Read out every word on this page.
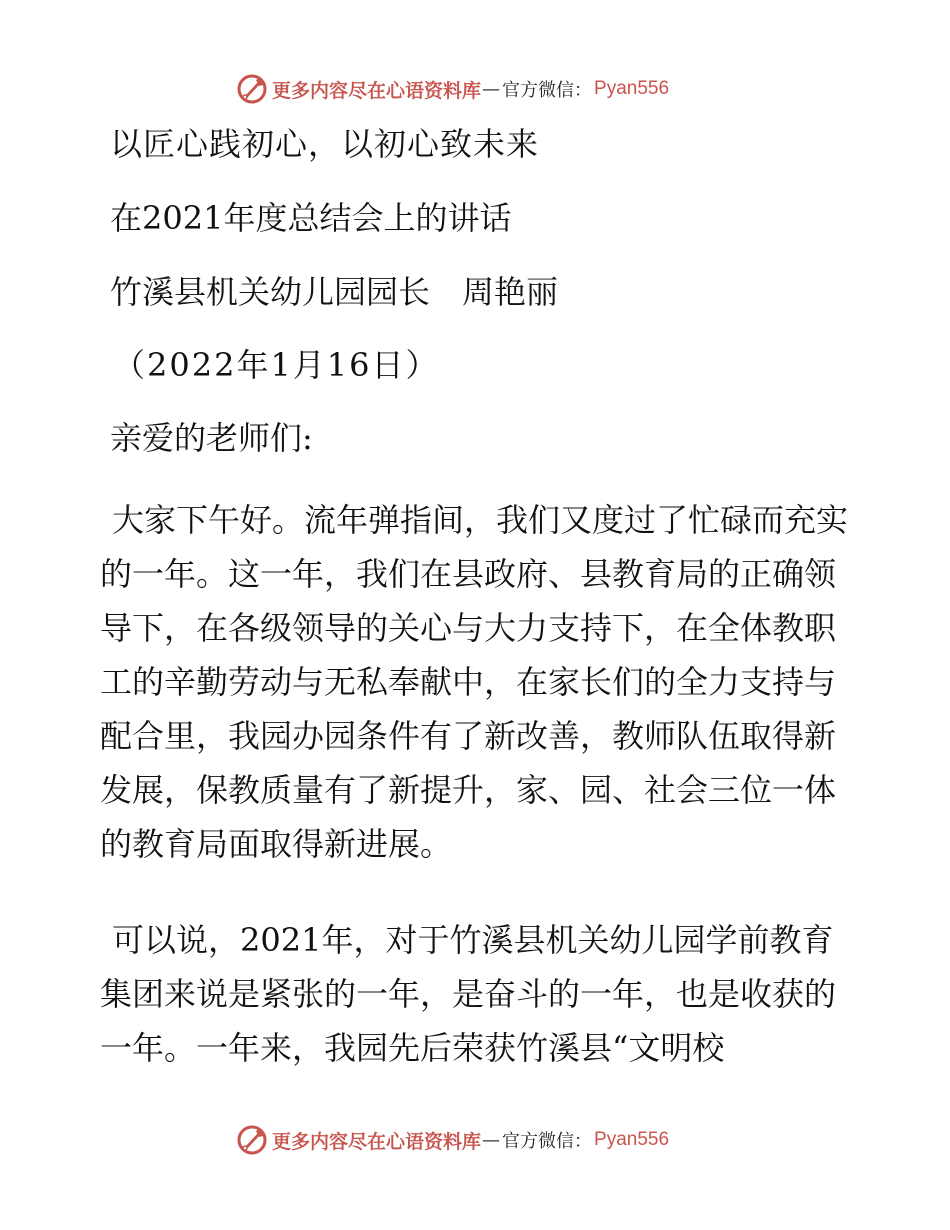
更多内容尽在心语资料库 — 官方微信： Pyan556

以匠心践初心，以初心致未来

在2021年度总结会上的讲话

竹溪县机关幼儿园园长　周艳丽

（2022年1月16日）

亲爱的老师们:

大家下午好。流年弹指间，我们又度过了忙碌而充实的一年。这一年，我们在县政府、县教育局的正确领导下，在各级领导的关心与大力支持下，在全体教职工的辛勤劳动与无私奉献中，在家长们的全力支持与配合里，我园办园条件有了新改善，教师队伍取得新发展，保教质量有了新提升，家、园、社会三位一体的教育局面取得新进展。

可以说，2021年，对于竹溪县机关幼儿园学前教育集团来说是紧张的一年，是奋斗的一年，也是收获的一年。一年来，我园先后荣获竹溪县“文明校

更多内容尽在心语资料库 — 官方微信： Pyan556
